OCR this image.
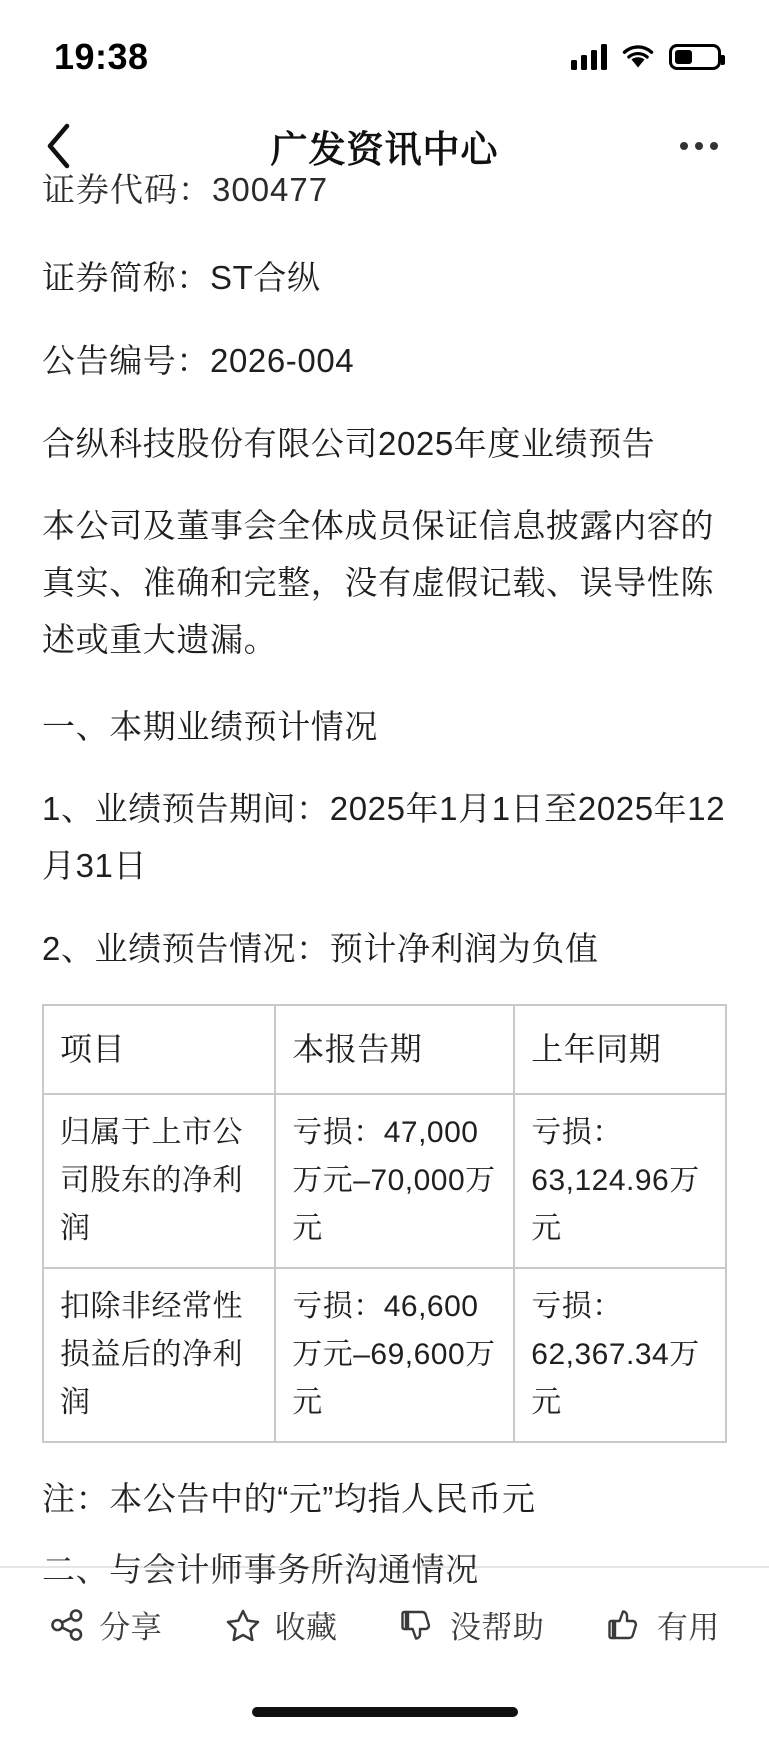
19:38
广发资讯中心
证券代码：300477

证券简称：ST合纵

公告编号：2026-004

合纵科技股份有限公司2025年度业绩预告

本公司及董事会全体成员保证信息披露内容的真实、准确和完整，没有虚假记载、误导性陈述或重大遗漏。

一、本期业绩预计情况

1、业绩预告期间：2025年1月1日至2025年12月31日

2、业绩预告情况：预计净利润为负值

项目	本报告期	上年同期
归属于上市公司股东的净利润	亏损：47,000万元–70,000万元	亏损：63,124.96万元
扣除非经常性损益后的净利润	亏损：46,600万元–69,600万元	亏损：62,367.34万元

注：本公告中的“元”均指人民币元

二、与会计师事务所沟通情况
分享	收藏	没帮助	有用
